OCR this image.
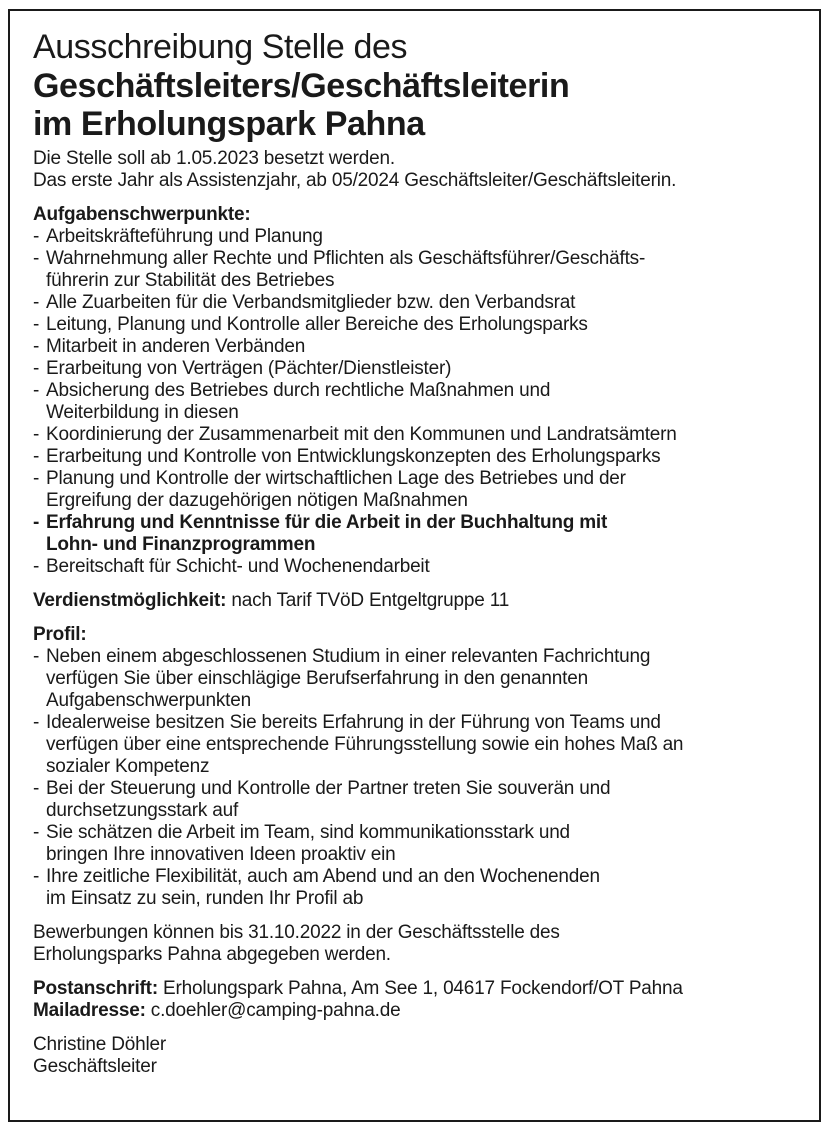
Ausschreibung Stelle des

Geschäftsleiters/Geschäftsleiterin

im Erholungspark Pahna

Die Stelle soll ab 1.05.2023 besetzt werden.

Das erste Jahr als Assistenzjahr, ab 05/2024 Geschäftsleiter/Geschäftsleiterin.

Aufgabenschwerpunkte:
- Arbeitskräfteführung und Planung
- Wahrnehmung aller Rechte und Pflichten als Geschäftsführer/Geschäfts-
führerin zur Stabilität des Betriebes
- Alle Zuarbeiten für die Verbandsmitglieder bzw. den Verbandsrat
- Leitung, Planung und Kontrolle aller Bereiche des Erholungsparks
- Mitarbeit in anderen Verbänden
- Erarbeitung von Verträgen (Pächter/Dienstleister)
- Absicherung des Betriebes durch rechtliche Maßnahmen und
Weiterbildung in diesen
- Koordinierung der Zusammenarbeit mit den Kommunen und Landratsämtern
- Erarbeitung und Kontrolle von Entwicklungskonzepten des Erholungsparks
- Planung und Kontrolle der wirtschaftlichen Lage des Betriebes und der
Ergreifung der dazugehörigen nötigen Maßnahmen
- Erfahrung und Kenntnisse für die Arbeit in der Buchhaltung mit
Lohn- und Finanzprogrammen
- Bereitschaft für Schicht- und Wochenendarbeit
Verdienstmöglichkeit: nach Tarif TVöD Entgeltgruppe 11
Profil:
- Neben einem abgeschlossenen Studium in einer relevanten Fachrichtung
verfügen Sie über einschlägige Berufserfahrung in den genannten
Aufgabenschwerpunkten
- Idealerweise besitzen Sie bereits Erfahrung in der Führung von Teams und
verfügen über eine entsprechende Führungsstellung sowie ein hohes Maß an
sozialer Kompetenz
- Bei der Steuerung und Kontrolle der Partner treten Sie souverän und
durchsetzungsstark auf
- Sie schätzen die Arbeit im Team, sind kommunikationsstark und
bringen Ihre innovativen Ideen proaktiv ein
- Ihre zeitliche Flexibilität, auch am Abend und an den Wochenenden
im Einsatz zu sein, runden Ihr Profil ab

Bewerbungen können bis 31.10.2022 in der Geschäftsstelle des

Erholungsparks Pahna abgegeben werden.

Postanschrift: Erholungspark Pahna, Am See 1, 04617 Fockendorf/OT Pahna

Mailadresse: c.doehler@camping-pahna.de

Christine Döhler

Geschäftsleiter
